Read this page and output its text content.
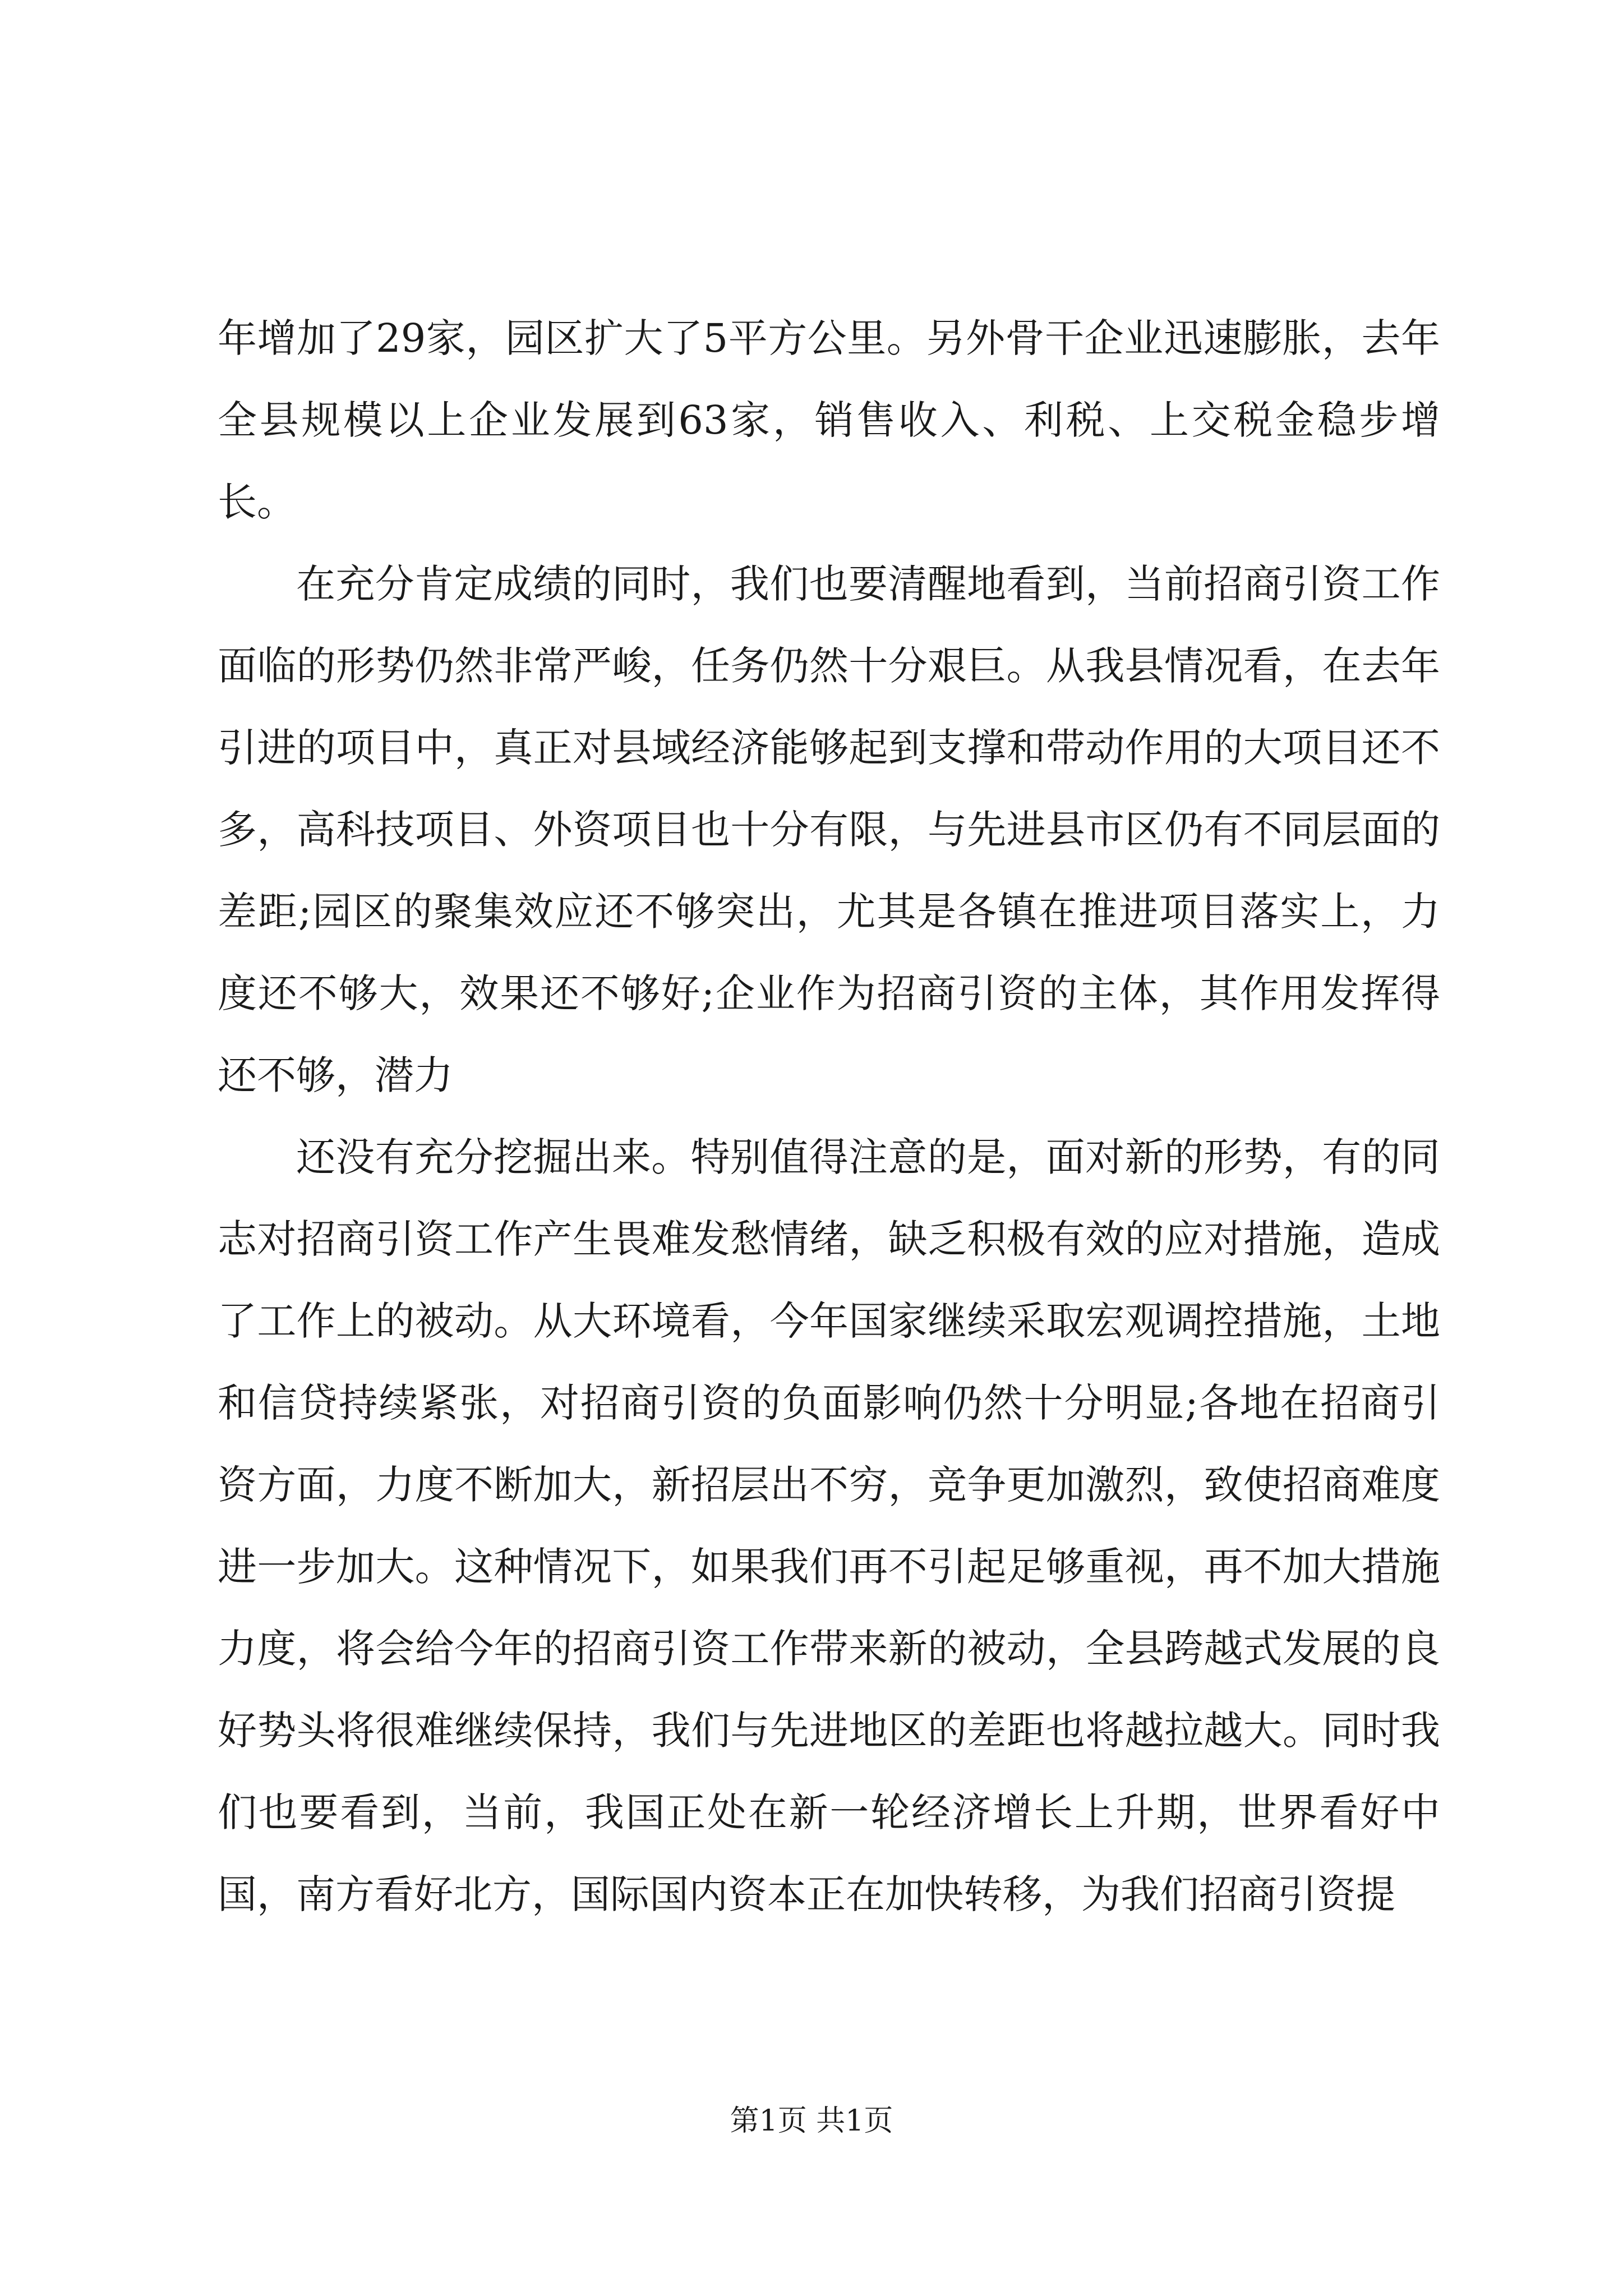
年增加了29家，园区扩大了5平方公里。另外骨干企业迅速膨胀，去年全县规模以上企业发展到63家，销售收入、利税、上交税金稳步增长。

在充分肯定成绩的同时，我们也要清醒地看到，当前招商引资工作面临的形势仍然非常严峻，任务仍然十分艰巨。从我县情况看，在去年引进的项目中，真正对县域经济能够起到支撑和带动作用的大项目还不多，高科技项目、外资项目也十分有限，与先进县市区仍有不同层面的差距;园区的聚集效应还不够突出，尤其是各镇在推进项目落实上，力度还不够大，效果还不够好;企业作为招商引资的主体，其作用发挥得还不够，潜力

还没有充分挖掘出来。特别值得注意的是，面对新的形势，有的同志对招商引资工作产生畏难发愁情绪，缺乏积极有效的应对措施，造成了工作上的被动。从大环境看，今年国家继续采取宏观调控措施，土地和信贷持续紧张，对招商引资的负面影响仍然十分明显;各地在招商引资方面，力度不断加大，新招层出不穷，竞争更加激烈，致使招商难度进一步加大。这种情况下，如果我们再不引起足够重视，再不加大措施力度，将会给今年的招商引资工作带来新的被动，全县跨越式发展的良好势头将很难继续保持，我们与先进地区的差距也将越拉越大。同时我们也要看到，当前，我国正处在新一轮经济增长上升期，世界看好中国，南方看好北方，国际国内资本正在加快转移，为我们招商引资提

第1页 共1页
